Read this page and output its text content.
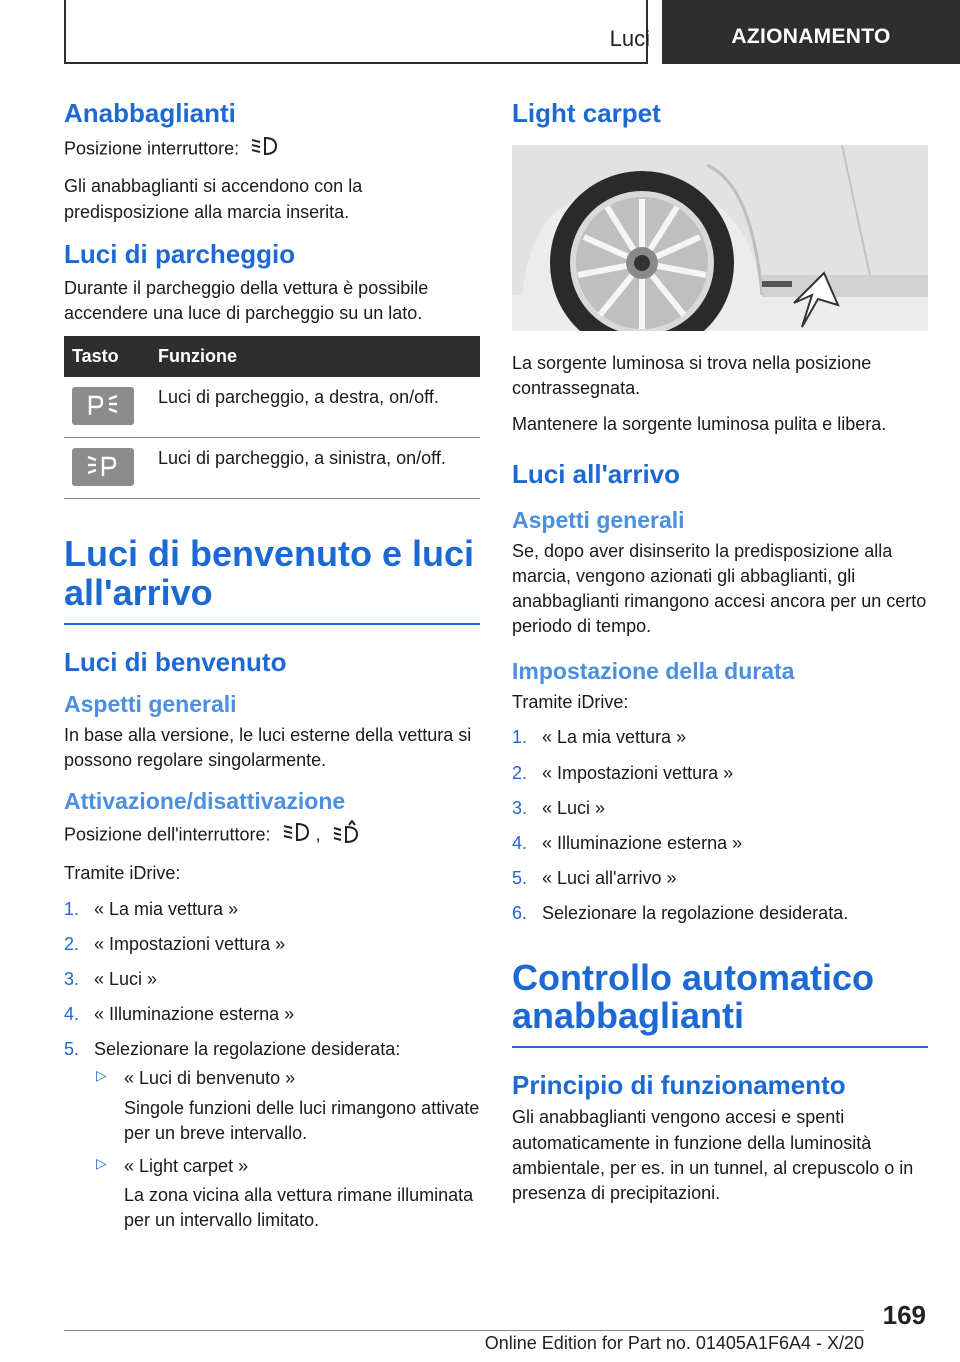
Luci	AZIONAMENTO
Anabbaglianti

Posizione interruttore:

Gli anabbaglianti si accendono con la predisposizione alla marcia inserita.

Luci di parcheggio

Durante il parcheggio della vettura è possibile accendere una luce di parcheggio su un lato.

Tasto	Funzione

	Luci di parcheggio, a destra, on/off.

	Luci di parcheggio, a sinistra, on/off.
Luci di benvenuto e luci all'arrivo
Luci di benvenuto
Aspetti generali

In base alla versione, le luci esterne della vettura si possono regolare singolarmente.

Attivazione/disattivazione

Posizione dell'interruttore:	,

Tramite iDrive:

1. « La mia vettura »
2. « Impostazioni vettura »
3. « Luci »
4. « Illuminazione esterna »
5. Selezionare la regolazione desiderata:
▷ « Luci di benvenuto »
Singole funzioni delle luci rimangono attivate per un breve intervallo.
▷ « Light carpet »
La zona vicina alla vettura rimane illuminata per un intervallo limitato.
Light carpet

La sorgente luminosa si trova nella posizione contrassegnata.

Mantenere la sorgente luminosa pulita e libera.

Luci all'arrivo
Aspetti generali

Se, dopo aver disinserito la predisposizione alla marcia, vengono azionati gli abbaglianti, gli anabbaglianti rimangono accesi ancora per un certo periodo di tempo.

Impostazione della durata

Tramite iDrive:

1. « La mia vettura »
2. « Impostazioni vettura »
3. « Luci »
4. « Illuminazione esterna »
5. « Luci all'arrivo »
6. Selezionare la regolazione desiderata.
Controllo automatico anabbaglianti
Principio di funzionamento

Gli anabbaglianti vengono accesi e spenti automaticamente in funzione della luminosità ambientale, per es. in un tunnel, al crepuscolo o in presenza di precipitazioni.

169
Online Edition for Part no. 01405A1F6A4 - X/20
